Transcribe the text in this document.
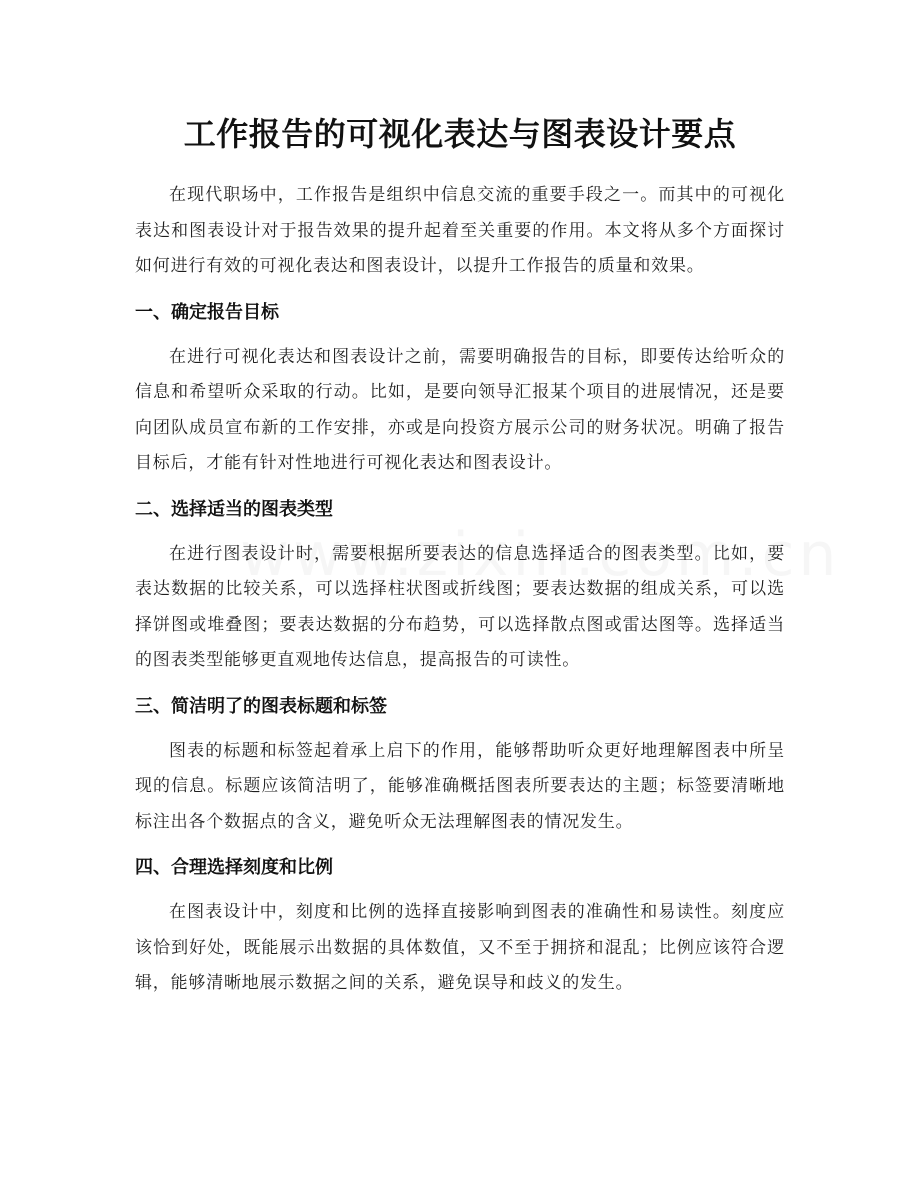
工作报告的可视化表达与图表设计要点

在现代职场中，工作报告是组织中信息交流的重要手段之一。而其中的可视化表达和图表设计对于报告效果的提升起着至关重要的作用。本文将从多个方面探讨如何进行有效的可视化表达和图表设计，以提升工作报告的质量和效果。

一、确定报告目标

在进行可视化表达和图表设计之前，需要明确报告的目标，即要传达给听众的信息和希望听众采取的行动。比如，是要向领导汇报某个项目的进展情况，还是要向团队成员宣布新的工作安排，亦或是向投资方展示公司的财务状况。明确了报告目标后，才能有针对性地进行可视化表达和图表设计。

二、选择适当的图表类型

在进行图表设计时，需要根据所要表达的信息选择适合的图表类型。比如，要表达数据的比较关系，可以选择柱状图或折线图；要表达数据的组成关系，可以选择饼图或堆叠图；要表达数据的分布趋势，可以选择散点图或雷达图等。选择适当的图表类型能够更直观地传达信息，提高报告的可读性。

三、简洁明了的图表标题和标签

图表的标题和标签起着承上启下的作用，能够帮助听众更好地理解图表中所呈现的信息。标题应该简洁明了，能够准确概括图表所要表达的主题；标签要清晰地标注出各个数据点的含义，避免听众无法理解图表的情况发生。

四、合理选择刻度和比例

在图表设计中，刻度和比例的选择直接影响到图表的准确性和易读性。刻度应该恰到好处，既能展示出数据的具体数值，又不至于拥挤和混乱；比例应该符合逻辑，能够清晰地展示数据之间的关系，避免误导和歧义的发生。
